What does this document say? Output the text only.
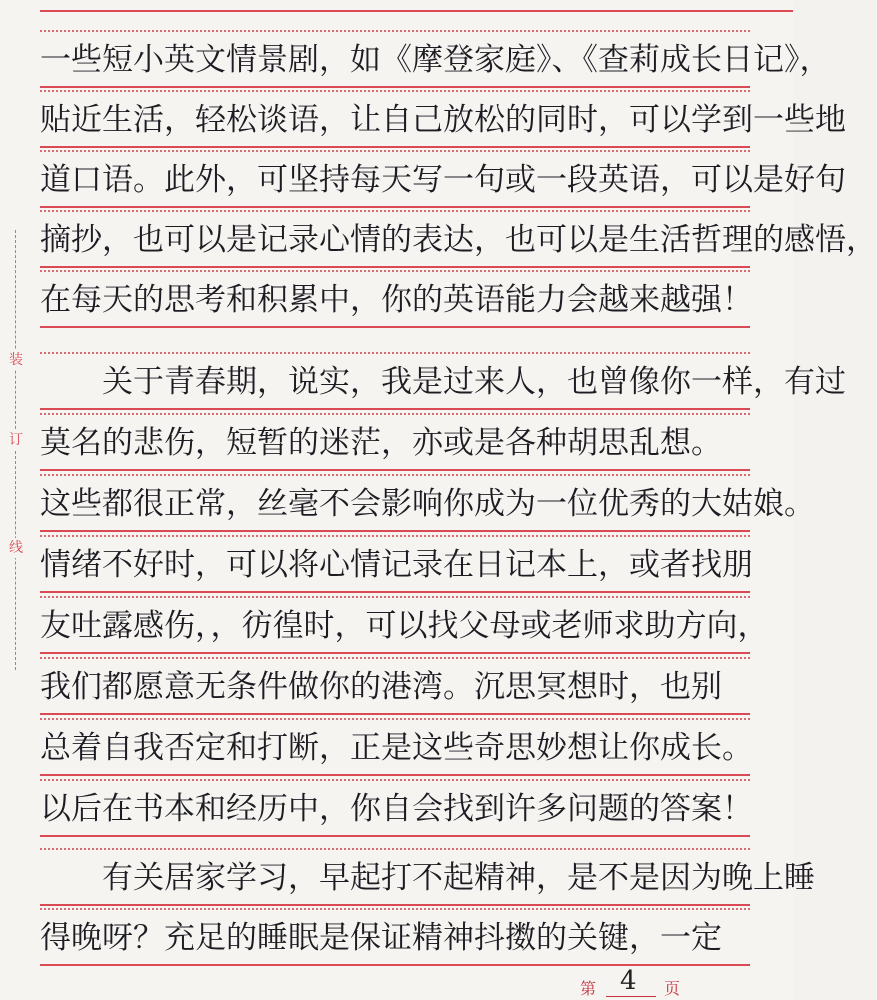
装
订
线
一些短小英文情景剧，如《摩登家庭》、《查莉成长日记》，
贴近生活，轻松谈语，让自己放松的同时，可以学到一些地
道口语。此外，可坚持每天写一句或一段英语，可以是好句
摘抄，也可以是记录心情的表达，也可以是生活哲理的感悟，
在每天的思考和积累中，你的英语能力会越来越强！
　　关于青春期，说实，我是过来人，也曾像你一样，有过
莫名的悲伤，短暂的迷茫，亦或是各种胡思乱想。
这些都很正常，丝毫不会影响你成为一位优秀的大姑娘。
情绪不好时，可以将心情记录在日记本上，或者找朋
友吐露感伤，，彷徨时，可以找父母或老师求助方向，
我们都愿意无条件做你的港湾。沉思冥想时，也别
总着自我否定和打断，正是这些奇思妙想让你成长。
以后在书本和经历中，你自会找到许多问题的答案！
　　有关居家学习，早起打不起精神，是不是因为晚上睡
得晚呀？充足的睡眠是保证精神抖擞的关键，一定
第 4 页
